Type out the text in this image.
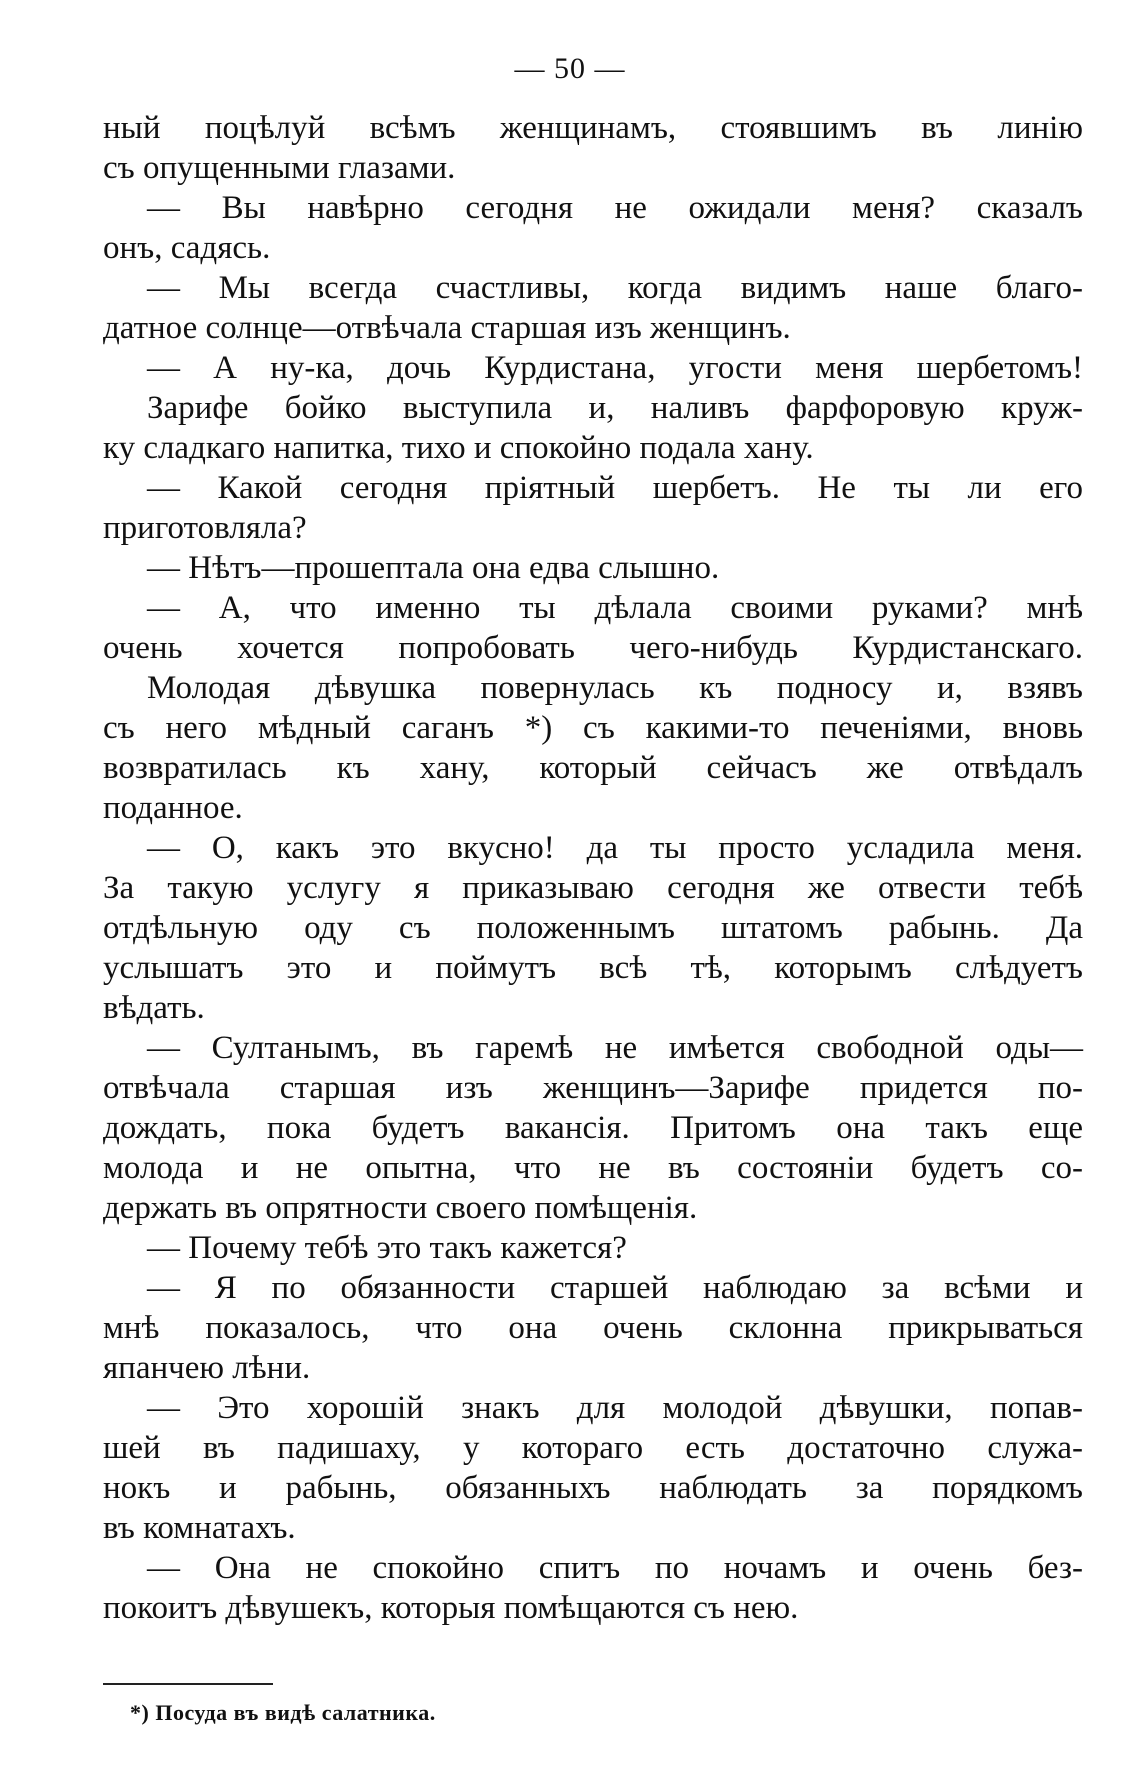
— 50 —
ный поцѣлуй всѣмъ женщинамъ, стоявшимъ въ линію
съ опущенными глазами.
— Вы навѣрно сегодня не ожидали меня? сказалъ
онъ, садясь.
— Мы всегда счастливы, когда видимъ наше благо-
датное солнце—отвѣчала старшая изъ женщинъ.
— А ну-ка, дочь Курдистана, угости меня шербетомъ!
Зарифе бойко выступила и, наливъ фарфоровую круж-
ку сладкаго напитка, тихо и спокойно подала хану.
— Какой сегодня пріятный шербетъ. Не ты ли его
приготовляла?
— Нѣтъ—прошептала она едва слышно.
— А, что именно ты дѣлала своими руками? мнѣ
очень хочется попробовать чего-нибудь Курдистанскаго.
Молодая дѣвушка повернулась къ подносу и, взявъ
съ него мѣдный сaганъ *) съ какими-то печеніями, вновь
возвратилась къ хану, который сейчасъ же отвѣдалъ
поданное.
— О, какъ это вкусно! да ты просто усладила меня.
За такую услугу я приказываю сегодня же отвести тебѣ
отдѣльную оду съ положеннымъ штатомъ рабынь. Да
услышатъ это и поймутъ всѣ тѣ, которымъ слѣдуетъ
вѣдать.
— Султанымъ, въ гаремѣ не имѣется свободной оды—
отвѣчала старшая изъ женщинъ—Зарифе придется по-
дождать, пока будетъ вакансія. Притомъ она такъ еще
молода и не опытна, что не въ состояніи будетъ со-
держать въ опрятности своего помѣщенія.
— Почему тебѣ это такъ кажется?
— Я по обязанности старшей наблюдаю за всѣми и
мнѣ показалось, что она очень склонна прикрываться
япанчею лѣни.
— Это хорошій знакъ для молодой дѣвушки, попав-
шей въ падишаху, у котораго есть достаточно служа-
нокъ и рабынь, обязанныхъ наблюдать за порядкомъ
въ комнатахъ.
— Она не спокойно спитъ по ночамъ и очень без-
покоитъ дѣвушекъ, которыя помѣщаются съ нею.
*) Посуда въ видѣ салатника.
